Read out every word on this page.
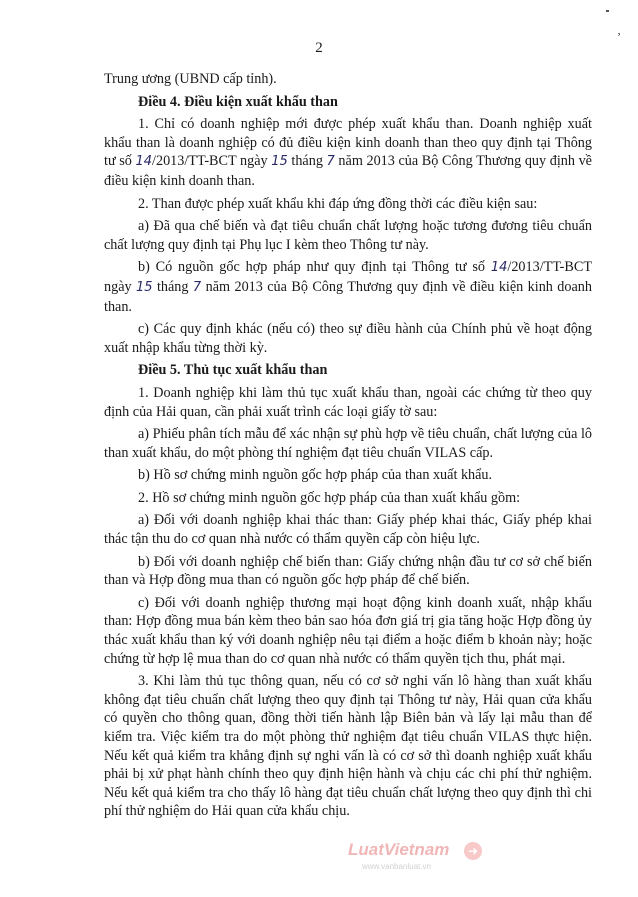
ʼ
2

Trung ương (UBND cấp tỉnh).

Điều 4. Điều kiện xuất khẩu than

1. Chỉ có doanh nghiệp mới được phép xuất khẩu than. Doanh nghiệp xuất khẩu than là doanh nghiệp có đủ điều kiện kinh doanh than theo quy định tại Thông tư số 14/2013/TT-BCT ngày 15 tháng 7 năm 2013 của Bộ Công Thương quy định về điều kiện kinh doanh than.

2. Than được phép xuất khẩu khi đáp ứng đồng thời các điều kiện sau:

a) Đã qua chế biến và đạt tiêu chuẩn chất lượng hoặc tương đương tiêu chuẩn chất lượng quy định tại Phụ lục I kèm theo Thông tư này.

b) Có nguồn gốc hợp pháp như quy định tại Thông tư số 14/2013/TT-BCT ngày 15 tháng 7 năm 2013 của Bộ Công Thương quy định về điều kiện kinh doanh than.

c) Các quy định khác (nếu có) theo sự điều hành của Chính phủ về hoạt động xuất nhập khẩu từng thời kỳ.

Điều 5. Thủ tục xuất khẩu than

1. Doanh nghiệp khi làm thủ tục xuất khẩu than, ngoài các chứng từ theo quy định của Hải quan, cần phải xuất trình các loại giấy tờ sau:

a) Phiếu phân tích mẫu để xác nhận sự phù hợp về tiêu chuẩn, chất lượng của lô than xuất khẩu, do một phòng thí nghiệm đạt tiêu chuẩn VILAS cấp.

b) Hồ sơ chứng minh nguồn gốc hợp pháp của than xuất khẩu.

2. Hồ sơ chứng minh nguồn gốc hợp pháp của than xuất khẩu gồm:

a) Đối với doanh nghiệp khai thác than: Giấy phép khai thác, Giấy phép khai thác tận thu do cơ quan nhà nước có thẩm quyền cấp còn hiệu lực.

b) Đối với doanh nghiệp chế biến than: Giấy chứng nhận đầu tư cơ sở chế biến than và Hợp đồng mua than có nguồn gốc hợp pháp để chế biến.

c) Đối với doanh nghiệp thương mại hoạt động kinh doanh xuất, nhập khẩu than: Hợp đồng mua bán kèm theo bản sao hóa đơn giá trị gia tăng hoặc Hợp đồng ủy thác xuất khẩu than ký với doanh nghiệp nêu tại điểm a hoặc điểm b khoản này; hoặc chứng từ hợp lệ mua than do cơ quan nhà nước có thẩm quyền tịch thu, phát mại.

3. Khi làm thủ tục thông quan, nếu có cơ sở nghi vấn lô hàng than xuất khẩu không đạt tiêu chuẩn chất lượng theo quy định tại Thông tư này, Hải quan cửa khẩu có quyền cho thông quan, đồng thời tiến hành lập Biên bản và lấy lại mẫu than để kiểm tra. Việc kiểm tra do một phòng thử nghiệm đạt tiêu chuẩn VILAS thực hiện. Nếu kết quả kiểm tra khẳng định sự nghi vấn là có cơ sở thì doanh nghiệp xuất khẩu phải bị xử phạt hành chính theo quy định hiện hành và chịu các chi phí thử nghiệm. Nếu kết quả kiểm tra cho thấy lô hàng đạt tiêu chuẩn chất lượng theo quy định thì chi phí thử nghiệm do Hải quan cửa khẩu chịu.

LuatVietnam	➜
www.vanbanluat.vn
